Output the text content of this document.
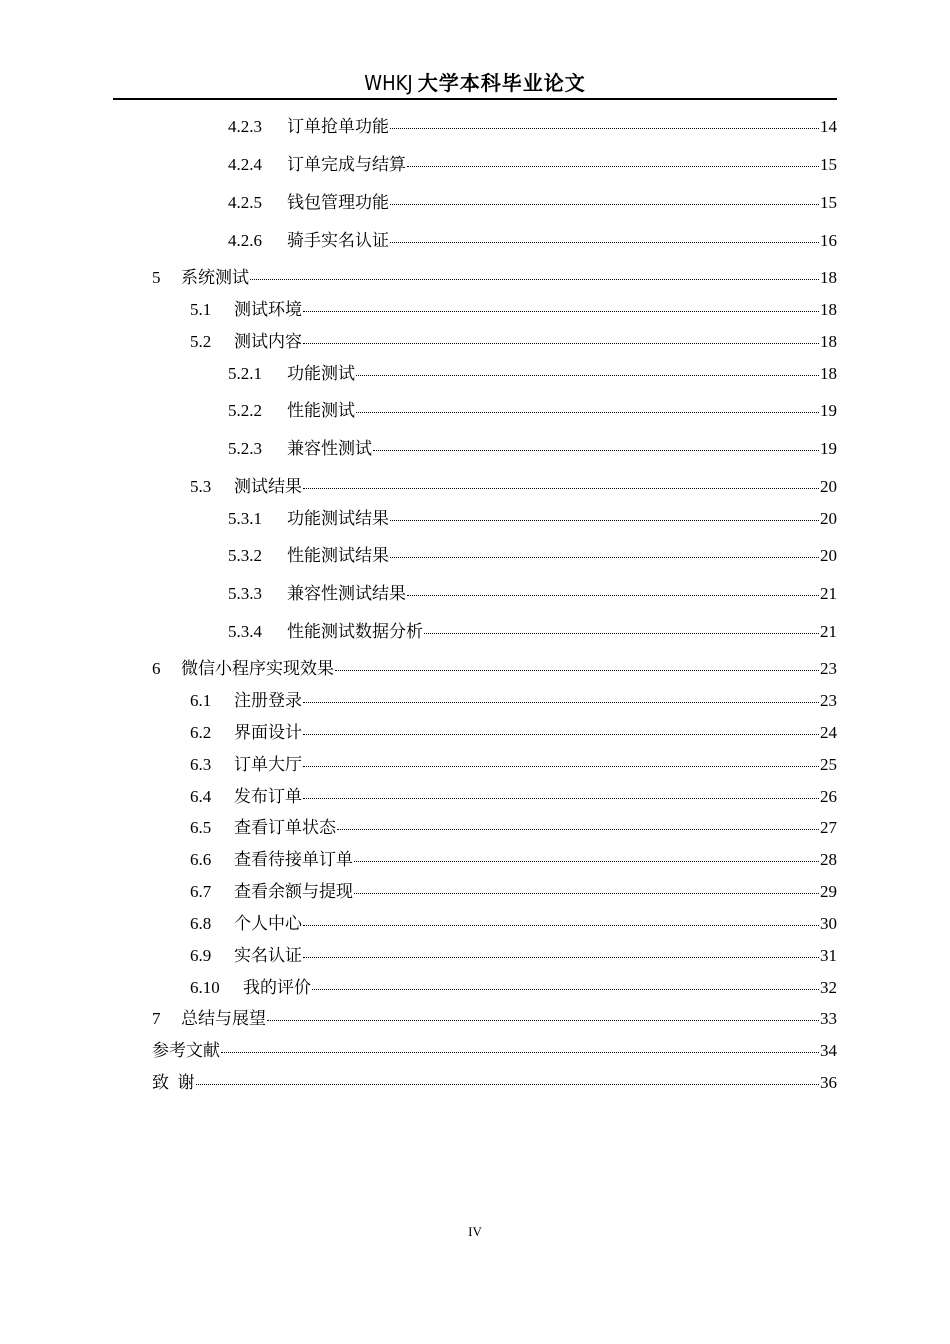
WHKJ 大学本科毕业论文
4.2.3	订单抢单功能	14
4.2.4	订单完成与结算	15
4.2.5	钱包管理功能	15
4.2.6	骑手实名认证	16
5	系统测试	18
5.1	测试环境	18
5.2	测试内容	18
5.2.1	功能测试	18
5.2.2	性能测试	19
5.2.3	兼容性测试	19
5.3	测试结果	20
5.3.1	功能测试结果	20
5.3.2	性能测试结果	20
5.3.3	兼容性测试结果	21
5.3.4	性能测试数据分析	21
6	微信小程序实现效果	23
6.1	注册登录	23
6.2	界面设计	24
6.3	订单大厅	25
6.4	发布订单	26
6.5	查看订单状态	27
6.6	查看待接单订单	28
6.7	查看余额与提现	29
6.8	个人中心	30
6.9	实名认证	31
6.10	我的评价	32
7	总结与展望	33
参考文献	34
致  谢	36
IV
